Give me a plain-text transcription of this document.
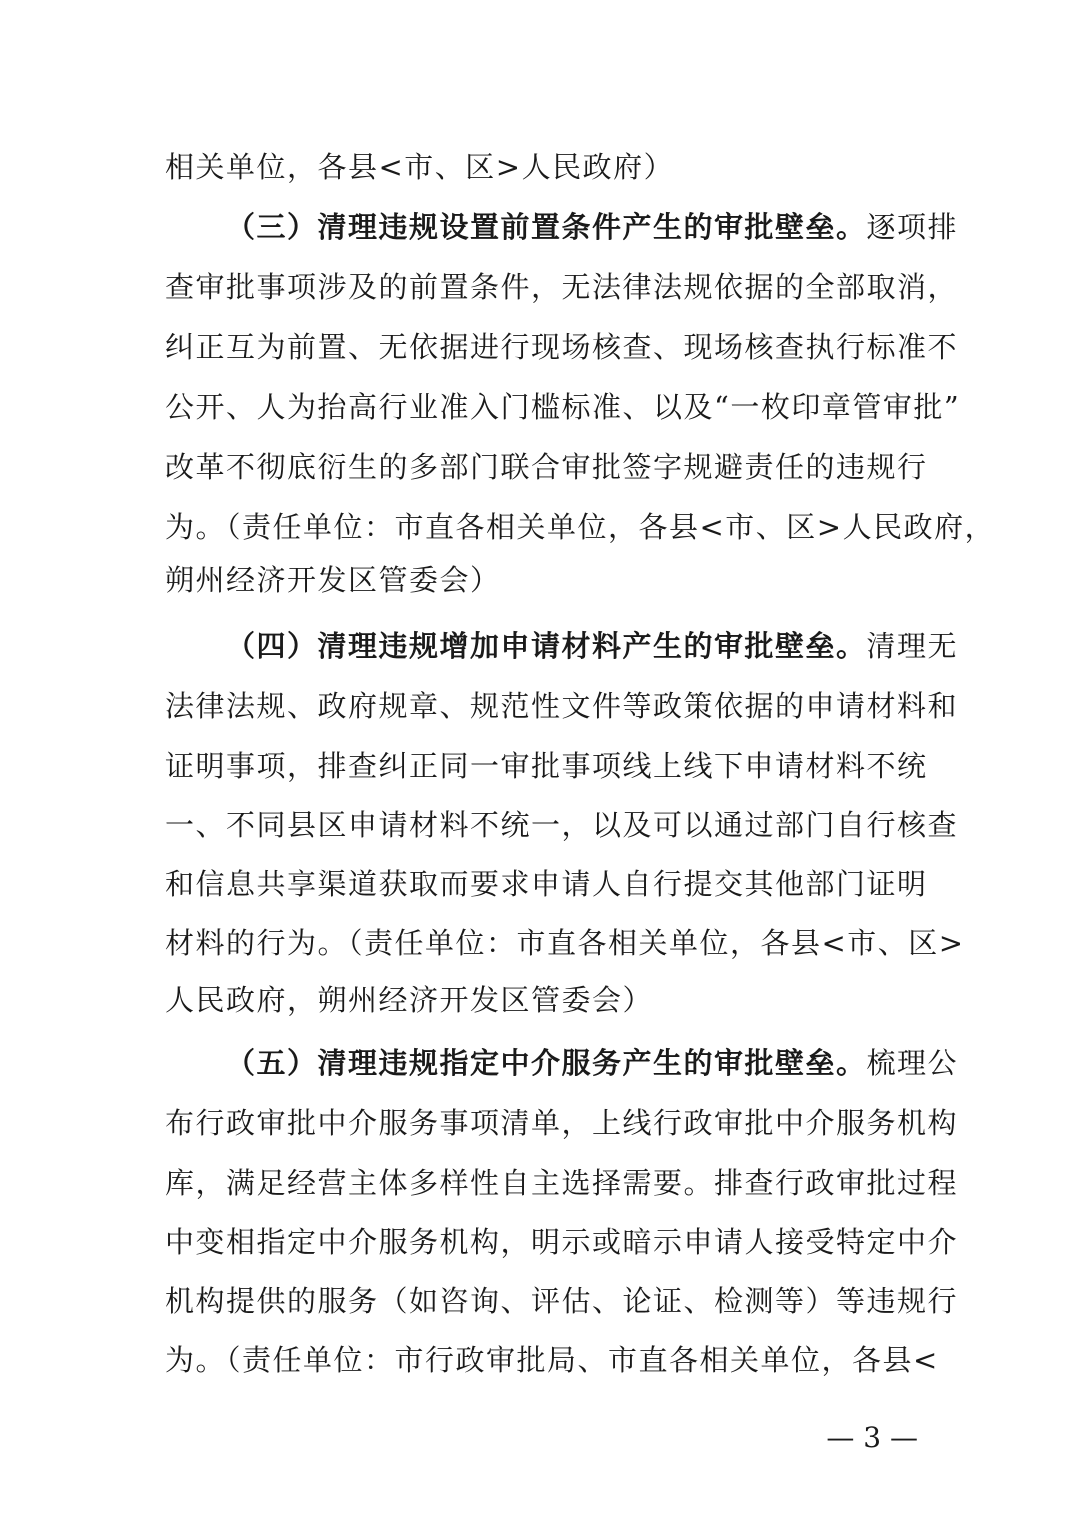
相关单位，各县<市、区>人民政府）
（三）清理违规设置前置条件产生的审批壁垒。逐项排
查审批事项涉及的前置条件，无法律法规依据的全部取消，
纠正互为前置、无依据进行现场核查、现场核查执行标准不
公开、人为抬高行业准入门槛标准、以及“一枚印章管审批”
改革不彻底衍生的多部门联合审批签字规避责任的违规行
为。（责任单位：市直各相关单位，各县<市、区>人民政府，
朔州经济开发区管委会）
（四）清理违规增加申请材料产生的审批壁垒。清理无
法律法规、政府规章、规范性文件等政策依据的申请材料和
证明事项，排查纠正同一审批事项线上线下申请材料不统
一、不同县区申请材料不统一，以及可以通过部门自行核查
和信息共享渠道获取而要求申请人自行提交其他部门证明
材料的行为。（责任单位：市直各相关单位，各县<市、区>
人民政府，朔州经济开发区管委会）
（五）清理违规指定中介服务产生的审批壁垒。梳理公
布行政审批中介服务事项清单，上线行政审批中介服务机构
库，满足经营主体多样性自主选择需要。排查行政审批过程
中变相指定中介服务机构，明示或暗示申请人接受特定中介
机构提供的服务（如咨询、评估、论证、检测等）等违规行
为。（责任单位：市行政审批局、市直各相关单位，各县<
— 3 —
